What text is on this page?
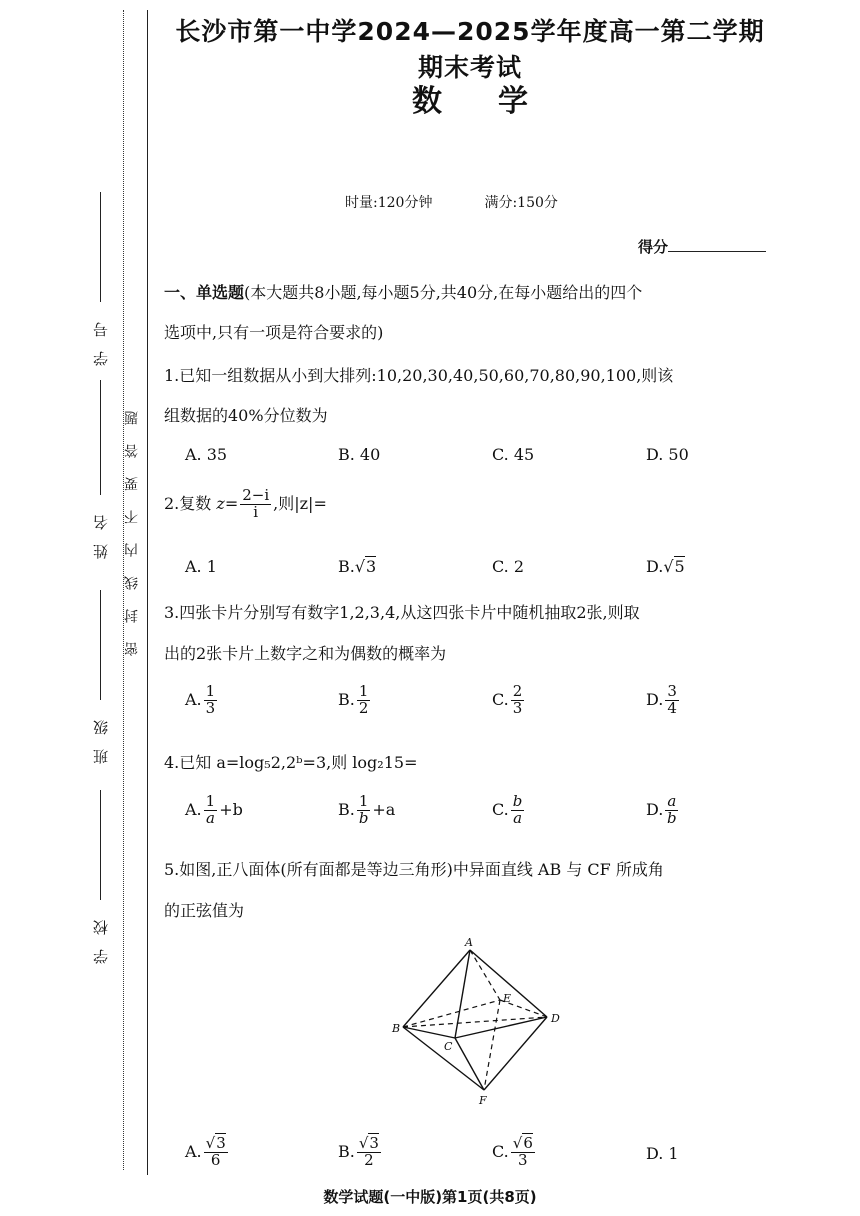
学号
姓名
班级
学校
密封线内不要答题
长沙市第一中学2024—2025学年度高一第二学期期末考试
数学
时量:120分钟	满分:150分
得分
一、单选题(本大题共8小题,每小题5分,共40分,在每小题给出的四个
选项中,只有一项是符合要求的)
1.已知一组数据从小到大排列:10,20,30,40,50,60,70,80,90,100,则该
组数据的40%分位数为
A. 35	B. 40	C. 45	D. 50
2.复数 $z= \frac{2-i}{i}$ ,则|z|=
A. 1	B.√3	C. 2	D.√5
3.四张卡片分别写有数字1,2,3,4,从这四张卡片中随机抽取2张,则取
出的2张卡片上数字之和为偶数的概率为
A. $\frac{1}{3}$	B. $\frac{1}{2}$	C. $\frac{2}{3}$	D. $\frac{3}{4}$
4.已知 a=log₅2,2ᵇ=3,则 log₂15=
A. $\frac{1}{a} +b$	B. $\frac{1}{b} +a$	C. $\frac{b}{a}$	D. $\frac{a}{b}$
5.如图,正八面体(所有面都是等边三角形)中异面直线 AB 与 CF 所成角
的正弦值为
A
B
C
D
E
F
A. $\frac{√3}{6}$	B. $\frac{√3}{2}$	C. $\frac{√6}{3}$	D. 1
数学试题(一中版)第1页(共8页)
